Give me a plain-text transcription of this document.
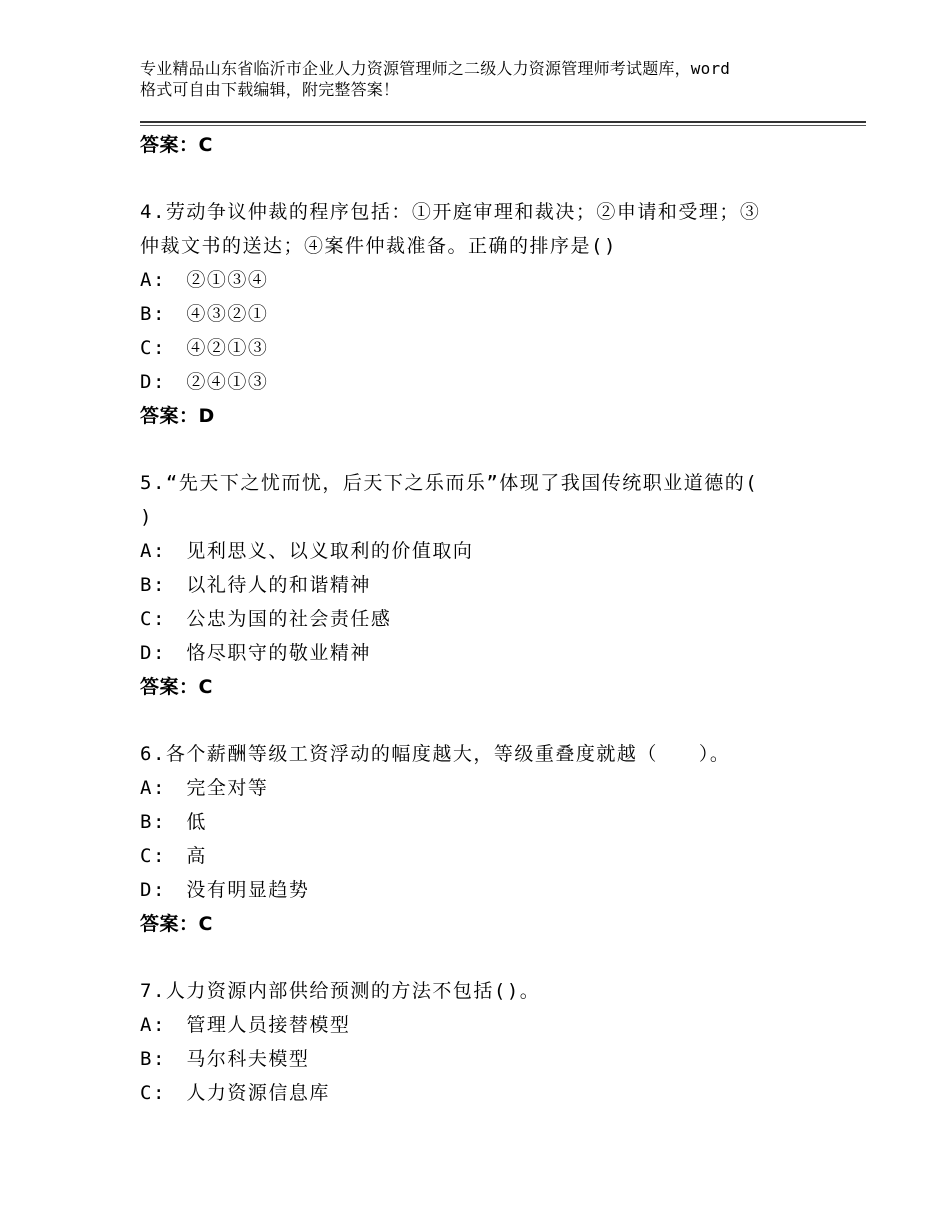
专业精品山东省临沂市企业人力资源管理师之二级人力资源管理师考试题库，word
格式可自由下载编辑，附完整答案！
答案：C
4.劳动争议仲裁的程序包括：①开庭审理和裁决；②申请和受理；③
仲裁文书的送达；④案件仲裁准备。正确的排序是()
A:　②①③④
B:　④③②①
C:　④②①③
D:　②④①③
答案：D
5.“先天下之忧而忧，后天下之乐而乐”体现了我国传统职业道德的(
)
A:　见利思义、以义取利的价值取向
B:　以礼待人的和谐精神
C:　公忠为国的社会责任感
D:　恪尽职守的敬业精神
答案：C
6.各个薪酬等级工资浮动的幅度越大，等级重叠度就越（　　）。
A:　完全对等
B:　低
C:　高
D:　没有明显趋势
答案：C
7.人力资源内部供给预测的方法不包括()。
A:　管理人员接替模型
B:　马尔科夫模型
C:　人力资源信息库
